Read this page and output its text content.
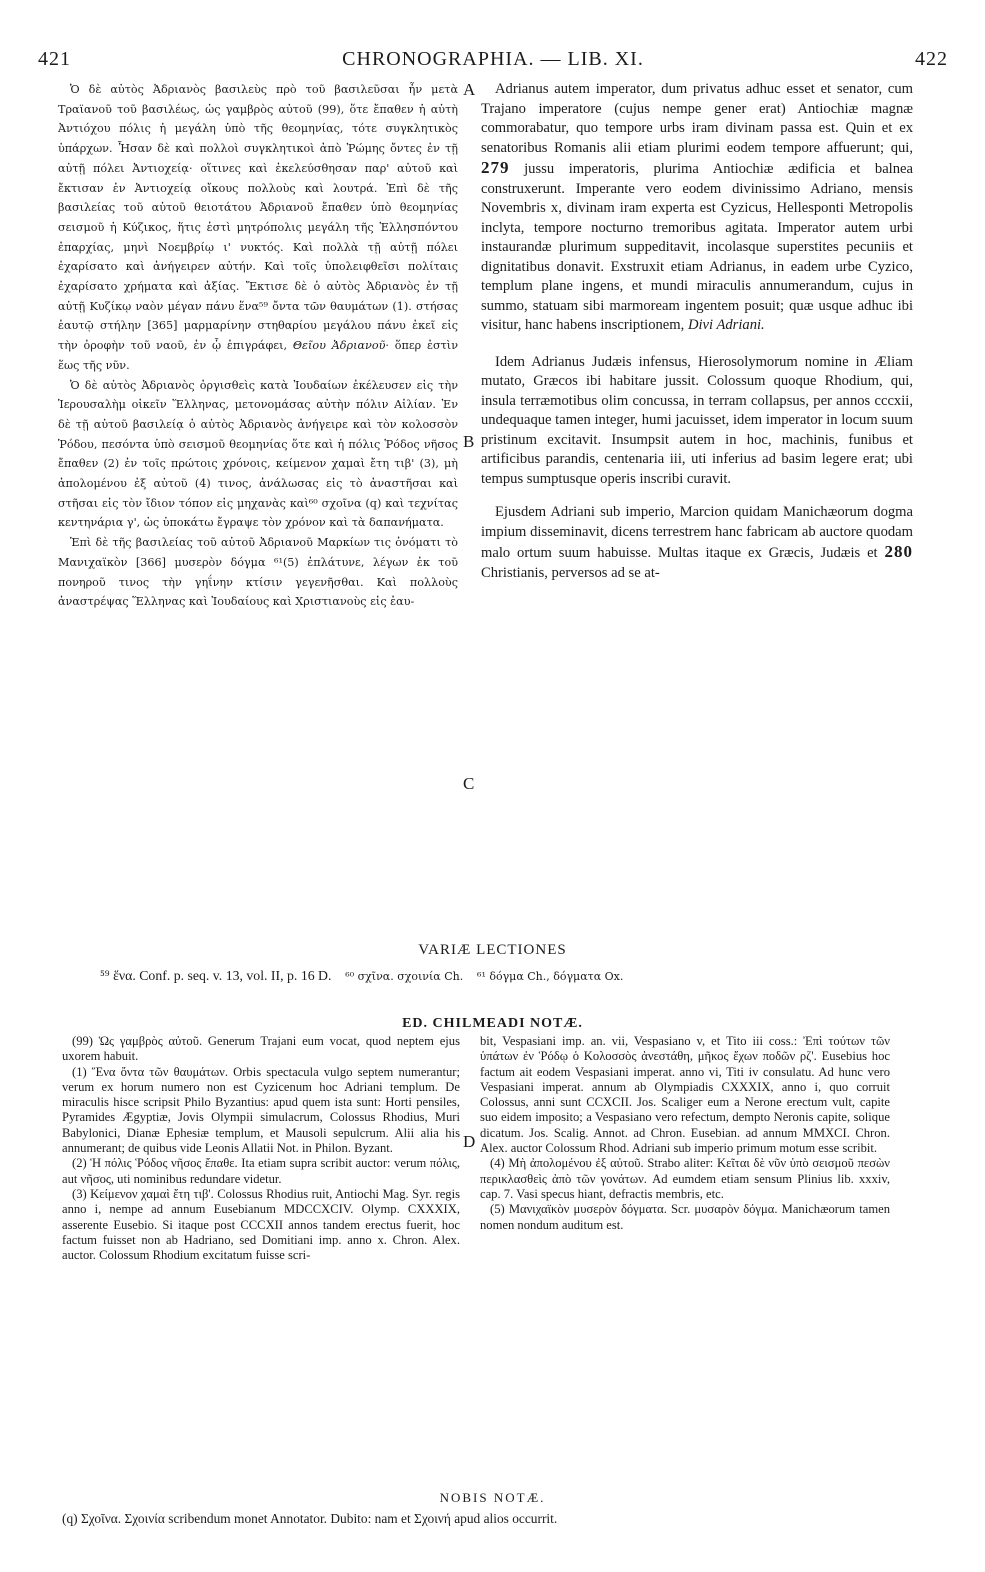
421	CHRONOGRAPHIA. — LIB. XI.	422
A
B
C
D

Ὁ δὲ αὐτὸς Ἀδριανὸς βασιλεὺς πρὸ τοῦ βασιλεῦσαι ἦν μετὰ Τραϊανοῦ τοῦ βασιλέως, ὡς γαμβρὸς αὐτοῦ (99), ὅτε ἔπαθεν ἡ αὐτὴ Ἀντιόχου πόλις ἡ μεγάλη ὑπὸ τῆς θεομηνίας, τότε συγκλητικὸς ὑπάρχων. Ἦσαν δὲ καὶ πολλοὶ συγκλητικοὶ ἀπὸ Ῥώμης ὄντες ἐν τῇ αὐτῇ πόλει Ἀντιοχείᾳ· οἵτινες καὶ ἐκελεύσθησαν παρ' αὐτοῦ καὶ ἔκτισαν ἐν Ἀντιοχείᾳ οἴκους πολλοὺς καὶ λουτρά. Ἐπὶ δὲ τῆς βασιλείας τοῦ αὐτοῦ θειοτάτου Ἀδριανοῦ ἔπαθεν ὑπὸ θεομηνίας σεισμοῦ ἡ Κύζικος, ἥτις ἐστὶ μητρόπολις μεγάλη τῆς Ἑλλησπόντου ἐπαρχίας, μηνὶ Νοεμβρίῳ ι' νυκτός. Καὶ πολλὰ τῇ αὐτῇ πόλει ἐχαρίσατο καὶ ἀνήγειρεν αὐτήν. Καὶ τοῖς ὑπολειφθεῖσι πολίταις ἐχαρίσατο χρήματα καὶ ἀξίας. Ἔκτισε δὲ ὁ αὐτὸς Ἀδριανὸς ἐν τῇ αὐτῇ Κυζίκῳ ναὸν μέγαν πάνυ ἕνα⁵⁹ ὄντα τῶν θαυμάτων (1). στήσας ἑαυτῷ στήλην [365] μαρμαρίνην στηθαρίου μεγάλου πάνυ ἐκεῖ εἰς τὴν ὀροφὴν τοῦ ναοῦ, ἐν ᾧ ἐπιγράφει, Θεῖου Ἀδριανοῦ· ὅπερ ἐστὶν ἕως τῆς νῦν.

Ὁ δὲ αὐτὸς Ἀδριανὸς ὀργισθεὶς κατὰ Ἰουδαίων ἐκέλευσεν εἰς τὴν Ἱερουσαλὴμ οἰκεῖν Ἕλληνας, μετονομάσας αὐτὴν πόλιν Αἰλίαν. Ἐν δὲ τῇ αὐτοῦ βασιλείᾳ ὁ αὐτὸς Ἀδριανὸς ἀνήγειρε καὶ τὸν κολοσσὸν Ῥόδου, πεσόντα ὑπὸ σεισμοῦ θεομηνίας ὅτε καὶ ἡ πόλις Ῥόδος νῆσος ἔπαθεν (2) ἐν τοῖς πρώτοις χρόνοις, κείμενον χαμαὶ ἔτη τιβ' (3), μὴ ἀπολομένου ἐξ αὐτοῦ (4) τινος, ἀνάλωσας εἰς τὸ ἀναστῆσαι καὶ στῆσαι εἰς τὸν ἴδιον τόπον εἰς μηχανὰς καὶ⁶⁰ σχοῖνα (q) καὶ τεχνίτας κεντηνάρια γ', ὡς ὑποκάτω ἔγραψε τὸν χρόνον καὶ τὰ δαπανήματα.

Ἐπὶ δὲ τῆς βασιλείας τοῦ αὐτοῦ Ἀδριανοῦ Μαρκίων τις ὀνόματι τὸ Μανιχαϊκὸν [366] μυσερὸν δόγμα ⁶¹(5) ἐπλάτυνε, λέγων ἐκ τοῦ πονηροῦ τινος τὴν γηΐνην κτίσιν γεγενῆσθαι. Καὶ πολλοὺς ἀναστρέψας Ἕλληνας καὶ Ἰουδαίους καὶ Χριστιανοὺς εἰς ἑαυ-

Adrianus autem imperator, dum privatus adhuc esset et senator, cum Trajano imperatore (cujus nempe gener erat) Antiochiæ magnæ commorabatur, quo tempore urbs iram divinam passa est. Quin et ex senatoribus Romanis alii etiam plurimi eodem tempore affuerunt; qui, 279 jussu imperatoris, plurima Antiochiæ ædificia et balnea construxerunt. Imperante vero eodem divinissimo Adriano, mensis Novembris x, divinam iram experta est Cyzicus, Hellesponti Metropolis inclyta, tempore nocturno tremoribus agitata. Imperator autem urbi instaurandæ plurimum suppeditavit, incolasque superstites pecuniis et dignitatibus donavit. Exstruxit etiam Adrianus, in eadem urbe Cyzico, templum plane ingens, et mundi miraculis annumerandum, cujus in summo, statuam sibi marmoream ingentem posuit; quæ usque adhuc ibi visitur, hanc habens inscriptionem, Divi Adriani.

Idem Adrianus Judæis infensus, Hierosolymorum nomine in Æliam mutato, Græcos ibi habitare jussit. Colossum quoque Rhodium, qui, insula terræmotibus olim concussa, in terram collapsus, per annos cccxii, undequaque tamen integer, humi jacuisset, idem imperator in locum suum pristinum excitavit. Insumpsit autem in hoc, machinis, funibus et artificibus parandis, centenaria iii, uti inferius ad basim legere erat; ubi tempus sumptusque operis inscribi curavit.

Ejusdem Adriani sub imperio, Marcion quidam Manichæorum dogma impium disseminavit, dicens terrestrem hanc fabricam ab auctore quodam malo ortum suum habuisse. Multas itaque ex Græcis, Judæis et 280 Christianis, perversos ad se at-

VARIÆ LECTIONES
⁵⁹ ἕνα. Conf. p. seq. v. 13, vol. II, p. 16 D. ⁶⁰ σχῖνα. σχοινία Ch. ⁶¹ δόγμα Ch., δόγματα Ox.
ED. CHILMEADI NOTÆ.

(99) Ὡς γαμβρὸς αὐτοῦ. Generum Trajani eum vocat, quod neptem ejus uxorem habuit.

(1) Ἕνα ὄντα τῶν θαυμάτων. Orbis spectacula vulgo septem numerantur; verum ex horum numero non est Cyzicenum hoc Adriani templum. De miraculis hisce scripsit Philo Byzantius: apud quem ista sunt: Horti pensiles, Pyramides Ægyptiæ, Jovis Olympii simulacrum, Colossus Rhodius, Muri Babylonici, Dianæ Ephesiæ templum, et Mausoli sepulcrum. Alii alia his annumerant; de quibus vide Leonis Allatii Not. in Philon. Byzant.

(2) Ἡ πόλις Ῥόδος νῆσος ἔπαθε. Ita etiam supra scribit auctor: verum πόλις, aut νῆσος, uti nominibus redundare videtur.

(3) Κείμενον χαμαὶ ἔτη τιβ'. Colossus Rhodius ruit, Antiochi Mag. Syr. regis anno i, nempe ad annum Eusebianum MDCCXCIV. Olymp. CXXXIX, asserente Eusebio. Si itaque post CCCXII annos tandem erectus fuerit, hoc factum fuisset non ab Hadriano, sed Domitiani imp. anno x. Chron. Alex. auctor. Colossum Rhodium excitatum fuisse scri-

bit, Vespasiani imp. an. vii, Vespasiano v, et Tito iii coss.: Ἐπὶ τούτων τῶν ὑπάτων ἐν Ῥόδῳ ὁ Κολοσσὸς ἀνεστάθη, μῆκος ἔχων ποδῶν ρζ'. Eusebius hoc factum ait eodem Vespasiani imperat. anno vi, Titi iv consulatu. Ad hunc vero Vespasiani imperat. annum ab Olympiadis CXXXIX, anno i, quo corruit Colossus, anni sunt CCXCII. Jos. Scaliger eum a Nerone erectum vult, capite suo eidem imposito; a Vespasiano vero refectum, dempto Neronis capite, solique dicatum. Jos. Scalig. Annot. ad Chron. Eusebian. ad annum MMXCI. Chron. Alex. auctor Colossum Rhod. Adriani sub imperio primum motum esse scribit.

(4) Μὴ ἀπολομένου ἐξ αὐτοῦ. Strabo aliter: Κεῖται δὲ νῦν ὑπὸ σεισμοῦ πεσὼν περικλασθεὶς ἀπὸ τῶν γονάτων. Ad eumdem etiam sensum Plinius lib. xxxiv, cap. 7. Vasi specus hiant, defractis membris, etc.

(5) Μανιχαϊκὸν μυσερὸν δόγματα. Scr. μυσαρὸν δόγμα. Manichæorum tamen nomen nondum auditum est.

NOBIS NOTÆ.
(q) Σχοῖνα. Σχοινία scribendum monet Annotator. Dubito: nam et Σχοινή apud alios occurrit.
